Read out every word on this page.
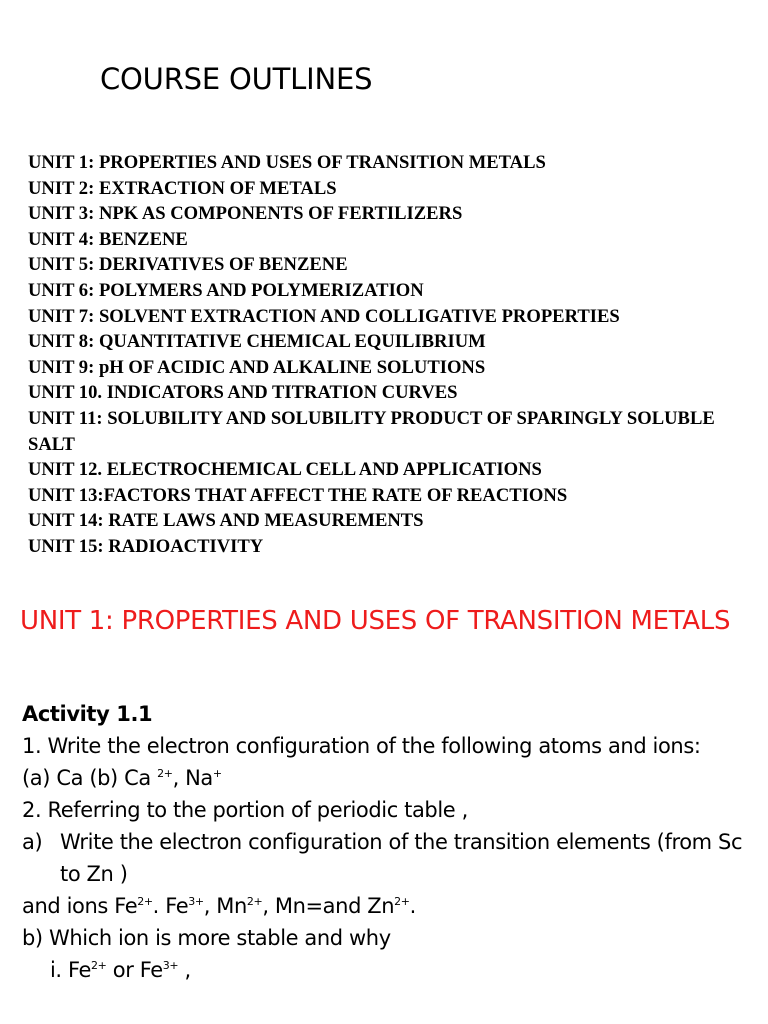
COURSE OUTLINES
UNIT 1: PROPERTIES AND USES OF TRANSITION METALS
UNIT 2: EXTRACTION OF METALS
UNIT 3: NPK AS COMPONENTS OF FERTILIZERS
UNIT 4: BENZENE
UNIT 5: DERIVATIVES OF BENZENE
UNIT 6: POLYMERS AND POLYMERIZATION
UNIT 7: SOLVENT EXTRACTION AND COLLIGATIVE PROPERTIES
UNIT 8: QUANTITATIVE CHEMICAL EQUILIBRIUM
UNIT 9: pH OF ACIDIC AND ALKALINE SOLUTIONS
UNIT 10. INDICATORS AND TITRATION CURVES
UNIT 11: SOLUBILITY AND SOLUBILITY PRODUCT OF SPARINGLY SOLUBLE SALT
UNIT 12. ELECTROCHEMICAL CELL AND APPLICATIONS
UNIT 13:FACTORS THAT AFFECT THE RATE OF REACTIONS
UNIT 14: RATE LAWS AND MEASUREMENTS
UNIT 15: RADIOACTIVITY
UNIT 1: PROPERTIES AND USES OF TRANSITION METALS

Activity 1.1

1. Write the electron configuration of the following atoms and ions:

(a) Ca (b) Ca $^{2+}$, Na+

2. Referring to the portion of periodic table ,

a) Write the electron configuration of the transition elements (from Sc to Zn )

and ions $Fe^{2+}$. $Fe^{3+}$, $Mn^{2+}$, Mn=and $Zn^{2+}$.

b) Which ion is more stable and why

i. $Fe^{2+}$ or $Fe^{3+}$ ,
